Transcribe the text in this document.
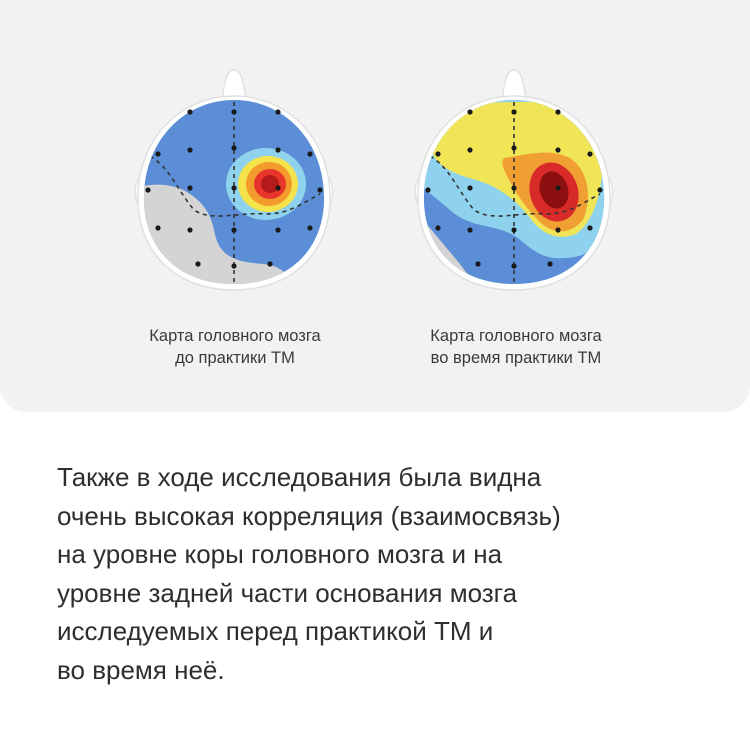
Карта головного мозга
до практики ТМ
Карта головного мозга
во время практики ТМ
Также в ходе исследования была видна
очень высокая корреляция (взаимосвязь)
на уровне коры головного мозга и на
уровне задней части основания мозга
исследуемых перед практикой ТМ и
во время неё.
